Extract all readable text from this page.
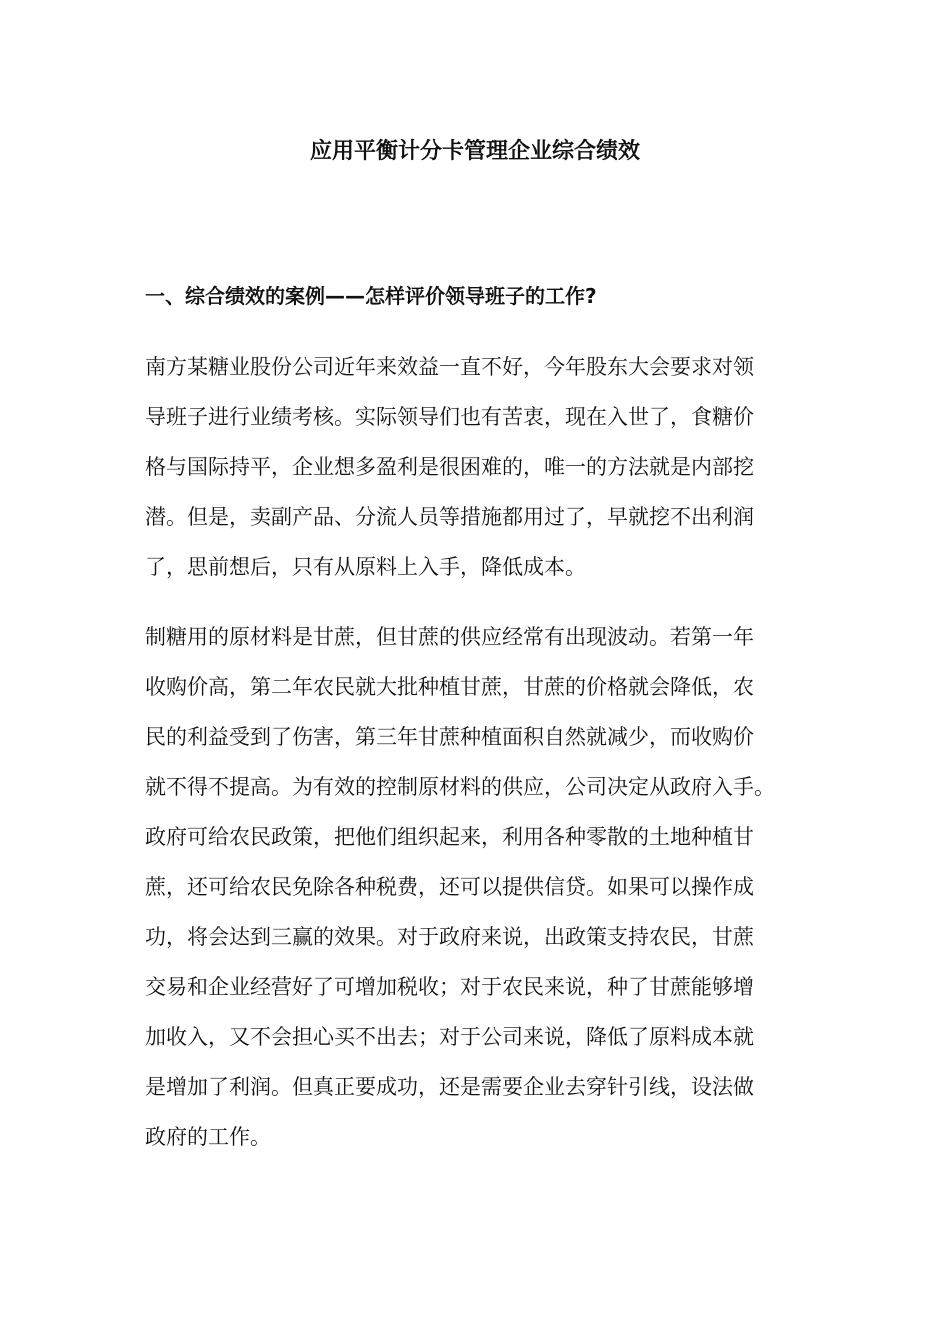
应用平衡计分卡管理企业综合绩效
一、综合绩效的案例——怎样评价领导班子的工作?

南方某糖业股份公司近年来效益一直不好，今年股东大会要求对领
导班子进行业绩考核。实际领导们也有苦衷，现在入世了，食糖价
格与国际持平，企业想多盈利是很困难的，唯一的方法就是内部挖
潜。但是，卖副产品、分流人员等措施都用过了，早就挖不出利润
了，思前想后，只有从原料上入手，降低成本。

制糖用的原材料是甘蔗，但甘蔗的供应经常有出现波动。若第一年
收购价高，第二年农民就大批种植甘蔗，甘蔗的价格就会降低，农
民的利益受到了伤害，第三年甘蔗种植面积自然就减少，而收购价
就不得不提高。为有效的控制原材料的供应，公司决定从政府入手。
政府可给农民政策，把他们组织起来，利用各种零散的土地种植甘
蔗，还可给农民免除各种税费，还可以提供信贷。如果可以操作成
功，将会达到三赢的效果。对于政府来说，出政策支持农民，甘蔗
交易和企业经营好了可增加税收；对于农民来说，种了甘蔗能够增
加收入，又不会担心买不出去；对于公司来说，降低了原料成本就
是增加了利润。但真正要成功，还是需要企业去穿针引线，设法做
政府的工作。
